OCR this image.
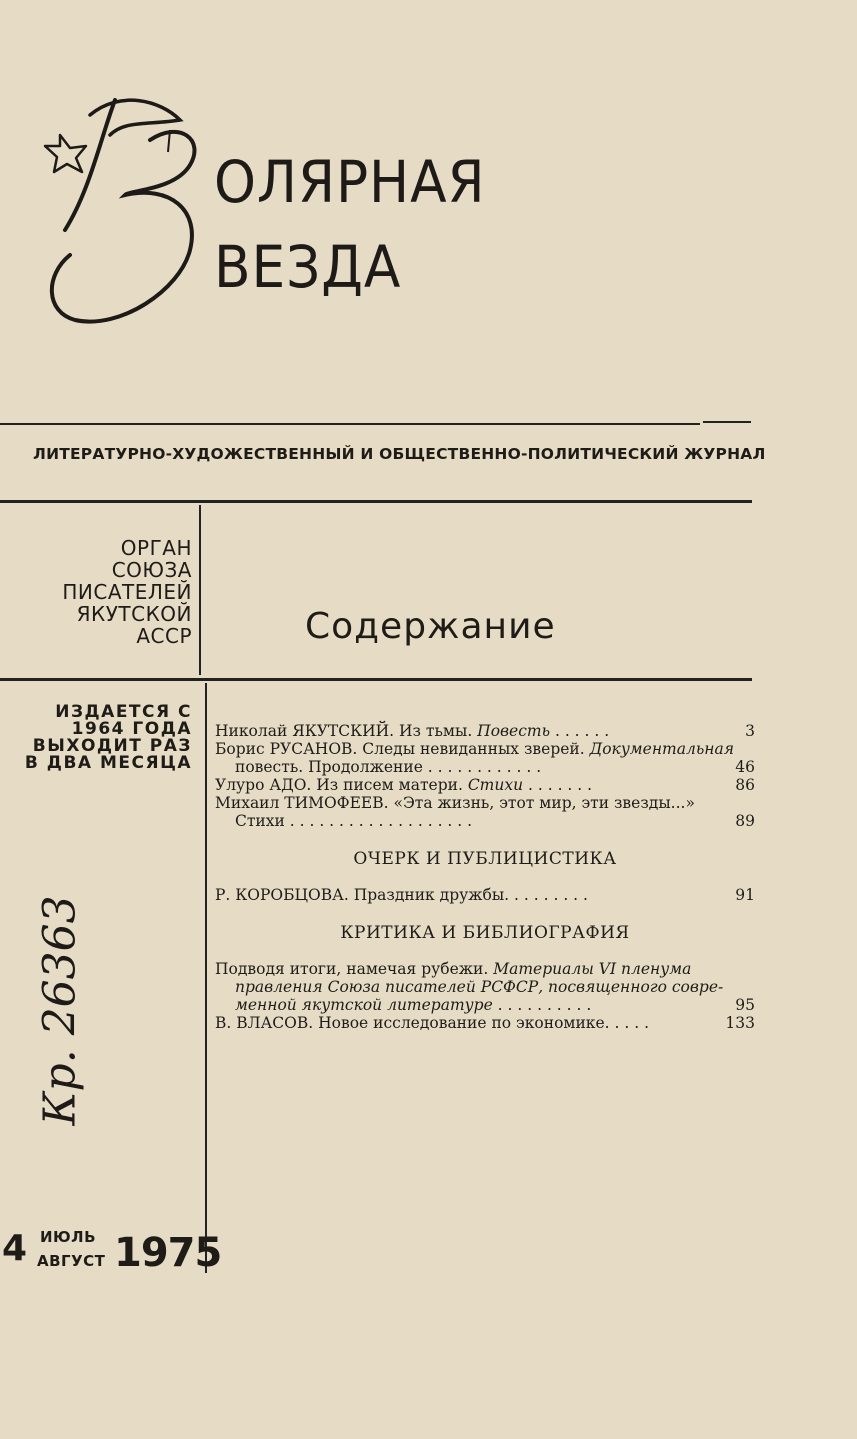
ОЛЯРНАЯ
ВЕЗДА
ЛИТЕРАТУРНО-ХУДОЖЕСТВЕННЫЙ И ОБЩЕСТВЕННО-ПОЛИТИЧЕСКИЙ ЖУРНАЛ
ОРГАН
СОЮЗА
ПИСАТЕЛЕЙ
ЯКУТСКОЙ
АССР	Содержание
ИЗДАЕТСЯ С
1964 ГОДА
ВЫХОДИТ РАЗ
В ДВА МЕСЯЦА
Кр. 26363
4 ИЮЛЬ
АВГУСТ 1975
Николай ЯКУТСКИЙ. Из тьмы. Повесть . . . . . .	3
Борис РУСАНОВ. Следы невиданных зверей. Документальная
повесть. Продолжение . . . . . . . . . . . .	46
Улуро АДО. Из писем матери. Стихи . . . . . . .	86
Михаил ТИМОФЕЕВ. «Эта жизнь, этот мир, эти звезды...»
Стихи . . . . . . . . . . . . . . . . . . .	89
ОЧЕРК И ПУБЛИЦИСТИКА
Р. КОРОБЦОВА. Праздник дружбы. . . . . . . . .	91
КРИТИКА И БИБЛИОГРАФИЯ
Подводя итоги, намечая рубежи. Материалы VI пленума
правления Союза писателей РСФСР, посвященного совре-
менной якутской литературе . . . . . . . . . .	95
В. ВЛАСОВ. Новое исследование по экономике. . . . .	133
